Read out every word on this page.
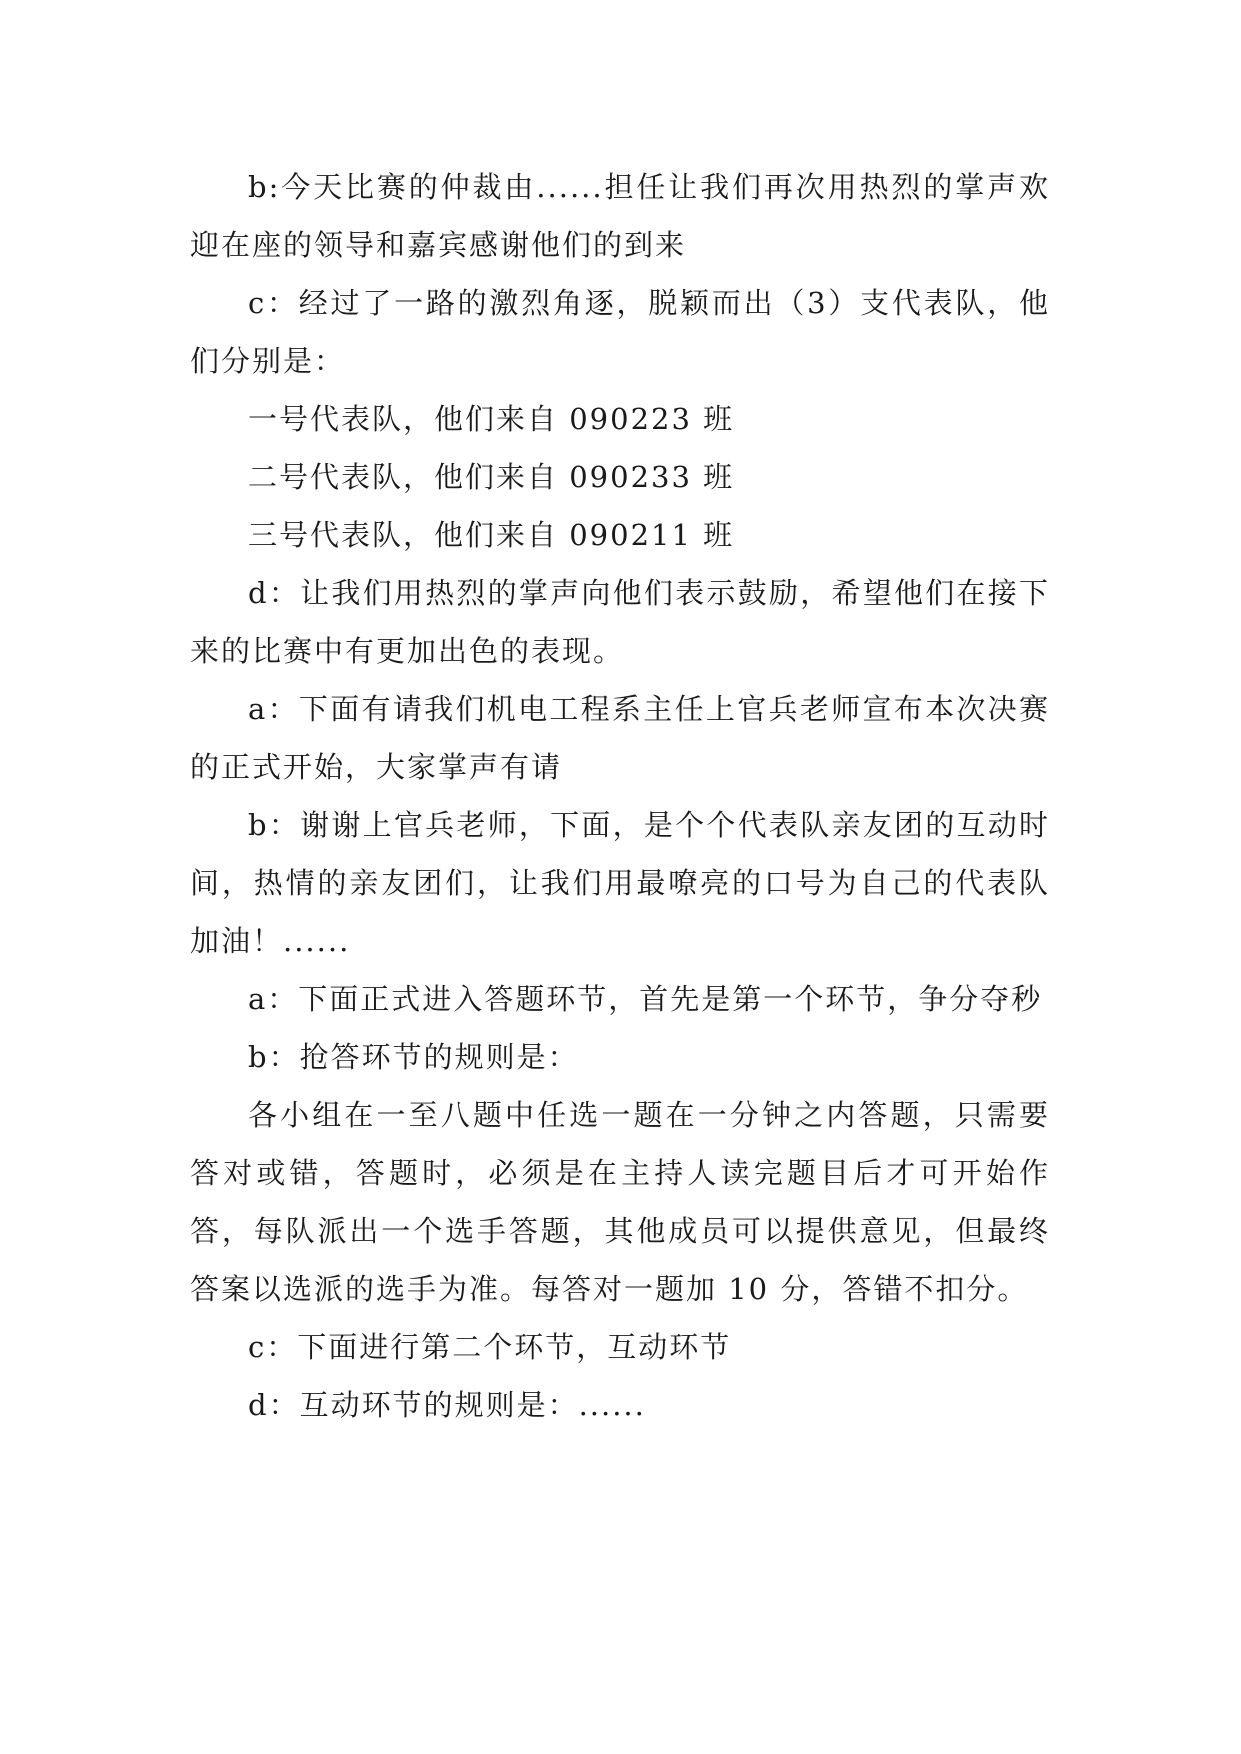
b:今天比赛的仲裁由......担任让我们再次用热烈的掌声欢迎在座的领导和嘉宾感谢他们的到来

c：经过了一路的激烈角逐，脱颖而出（3）支代表队，他们分别是：

一号代表队，他们来自 090223 班

二号代表队，他们来自 090233 班

三号代表队，他们来自 090211 班

d：让我们用热烈的掌声向他们表示鼓励，希望他们在接下来的比赛中有更加出色的表现。

a：下面有请我们机电工程系主任上官兵老师宣布本次决赛的正式开始，大家掌声有请

b：谢谢上官兵老师，下面，是个个代表队亲友团的互动时间，热情的亲友团们，让我们用最嘹亮的口号为自己的代表队加油！......

a：下面正式进入答题环节，首先是第一个环节，争分夺秒

b：抢答环节的规则是：

各小组在一至八题中任选一题在一分钟之内答题，只需要答对或错，答题时，必须是在主持人读完题目后才可开始作答，每队派出一个选手答题，其他成员可以提供意见，但最终答案以选派的选手为准。每答对一题加 10 分，答错不扣分。

c：下面进行第二个环节，互动环节

d：互动环节的规则是：......
